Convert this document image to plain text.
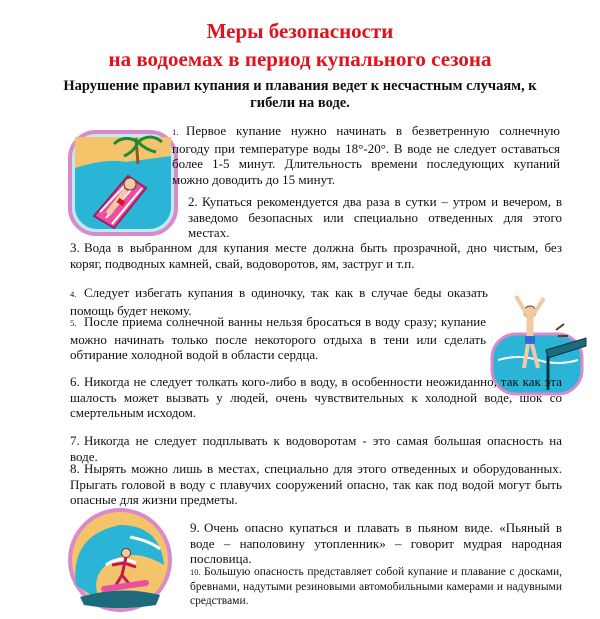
Меры безопасности
на водоемах в период купального сезона
Нарушение правил купания и плавания ведет к несчастным случаям, к гибели на воде.
1. Первое купание нужно начинать в безветренную солнечную погоду при температуре воды 18°-20°. В воде не следует оставаться более 1-5 минут. Длительность времени последующих купаний можно доводить до 15 минут.
2. Купаться рекомендуется два раза в сутки – утром и вечером, в заведомо безопасных или специально отведенных для этого местах.
3. Вода в выбранном для купания месте должна быть прозрачной, дно чистым, без коряг, подводных камней, свай, водоворотов, ям, заструг и т.п.
4. Следует избегать купания в одиночку, так как в случае беды оказать помощь будет некому.
5. После приема солнечной ванны нельзя бросаться в воду сразу; купание можно начинать только после некоторого отдыха в тени или сделать обтирание холодной водой в области сердца.
6. Никогда не следует толкать кого-либо в воду, в особенности неожиданно, так как эта шалость может вызвать у людей, очень чувствительных к холодной воде, шок со смертельным исходом.
7. Никогда не следует подплывать к водоворотам - это самая большая опасность на воде.
8. Нырять можно лишь в местах, специально для этого отведенных и оборудованных. Прыгать головой в воду с плавучих сооружений опасно, так как под водой могут быть опасные для жизни предметы.
9. Очень опасно купаться и плавать в пьяном виде. «Пьяный в воде – наполовину утопленник» – говорит мудрая народная пословица.
10. Большую опасность представляет собой купание и плавание с досками, бревнами, надутыми резиновыми автомобильными камерами и надувными средствами.
